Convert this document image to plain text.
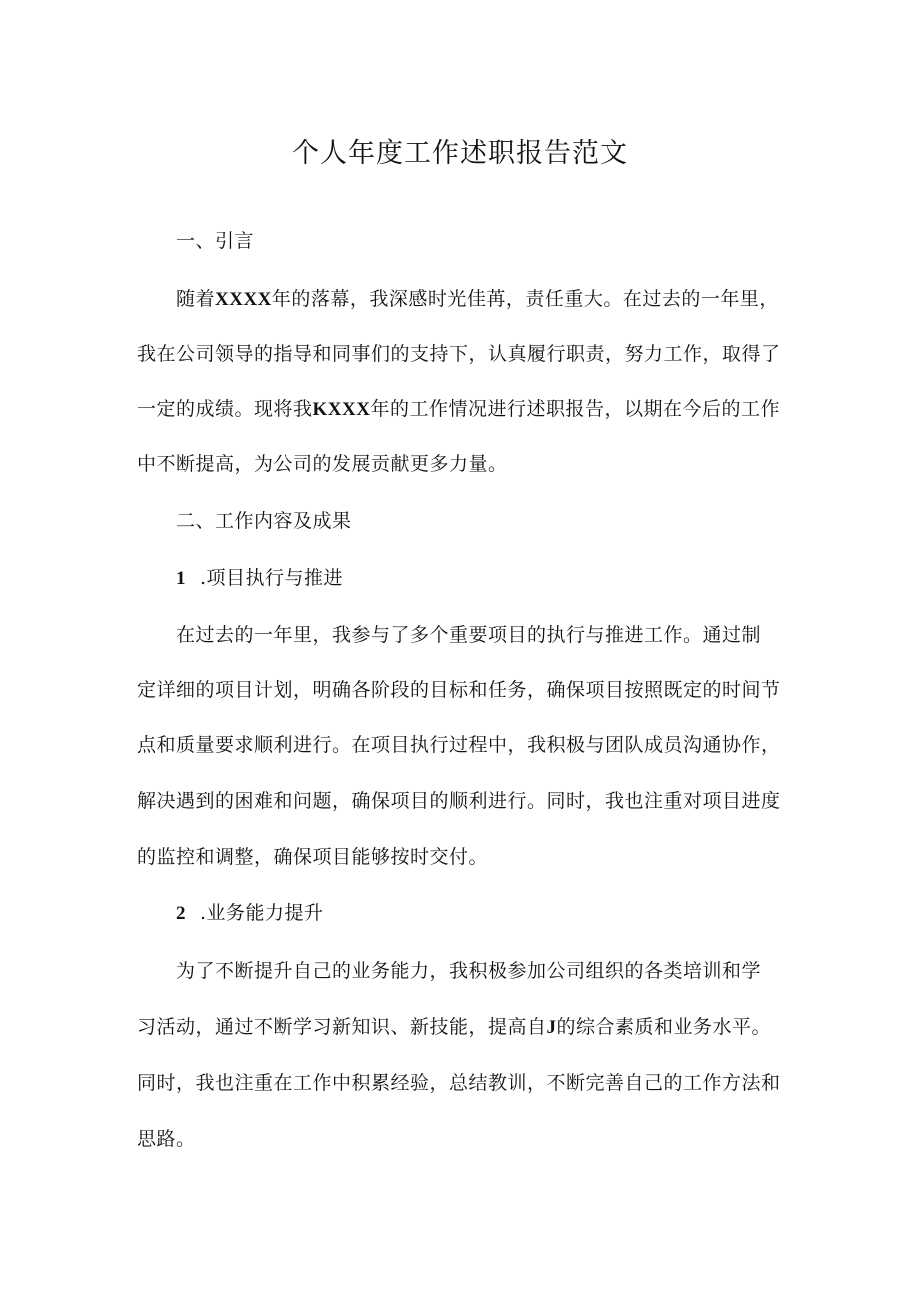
个人年度工作述职报告范文
一、引言
随着XXXX年的落幕，我深感时光佳苒，责任重大。在过去的一年里，
我在公司领导的指导和同事们的支持下，认真履行职责，努力工作，取得了
一定的成绩。现将我KXXX年的工作情况进行述职报告，以期在今后的工作
中不断提高，为公司的发展贡献更多力量。
二、工作内容及成果
1 .项目执行与推进
在过去的一年里，我参与了多个重要项目的执行与推进工作。通过制
定详细的项目计划，明确各阶段的目标和任务，确保项目按照既定的时间节
点和质量要求顺利进行。在项目执行过程中，我积极与团队成员沟通协作，
解决遇到的困难和问题，确保项目的顺利进行。同时，我也注重对项目进度
的监控和调整，确保项目能够按时交付。
2 .业务能力提升
为了不断提升自己的业务能力，我积极参加公司组织的各类培训和学
习活动，通过不断学习新知识、新技能，提高自J的综合素质和业务水平。
同时，我也注重在工作中积累经验，总结教训，不断完善自己的工作方法和
思路。
